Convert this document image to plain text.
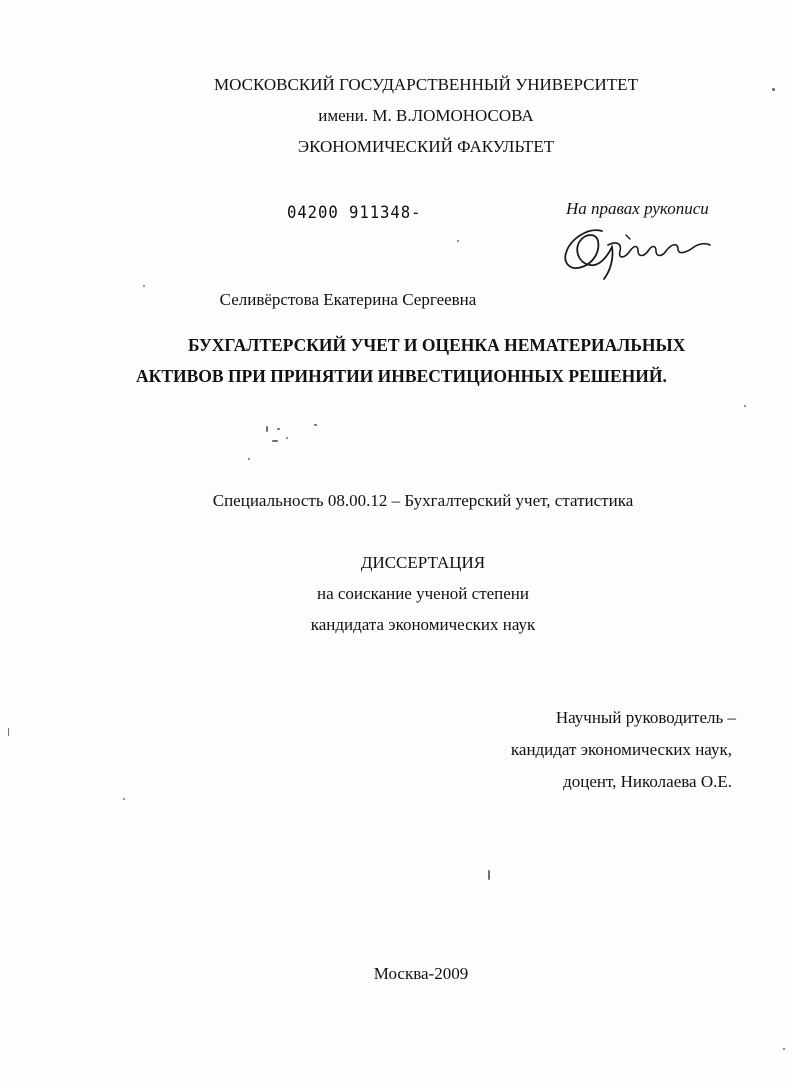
МОСКОВСКИЙ ГОСУДАРСТВЕННЫЙ УНИВЕРСИТЕТ
имени. М. В.ЛОМОНОСОВА
ЭКОНОМИЧЕСКИЙ ФАКУЛЬТЕТ
04200 911348-	На правах рукописи
Селивёрстова Екатерина Сергеевна
БУХГАЛТЕРСКИЙ УЧЕТ И ОЦЕНКА НЕМАТЕРИАЛЬНЫХ
АКТИВОВ ПРИ ПРИНЯТИИ ИНВЕСТИЦИОННЫХ РЕШЕНИЙ.
Специальность 08.00.12 – Бухгалтерский учет, статистика
ДИССЕРТАЦИЯ
на соискание ученой степени
кандидата экономических наук
Научный руководитель –
кандидат экономических наук,
доцент, Николаева О.Е.
Москва-2009
